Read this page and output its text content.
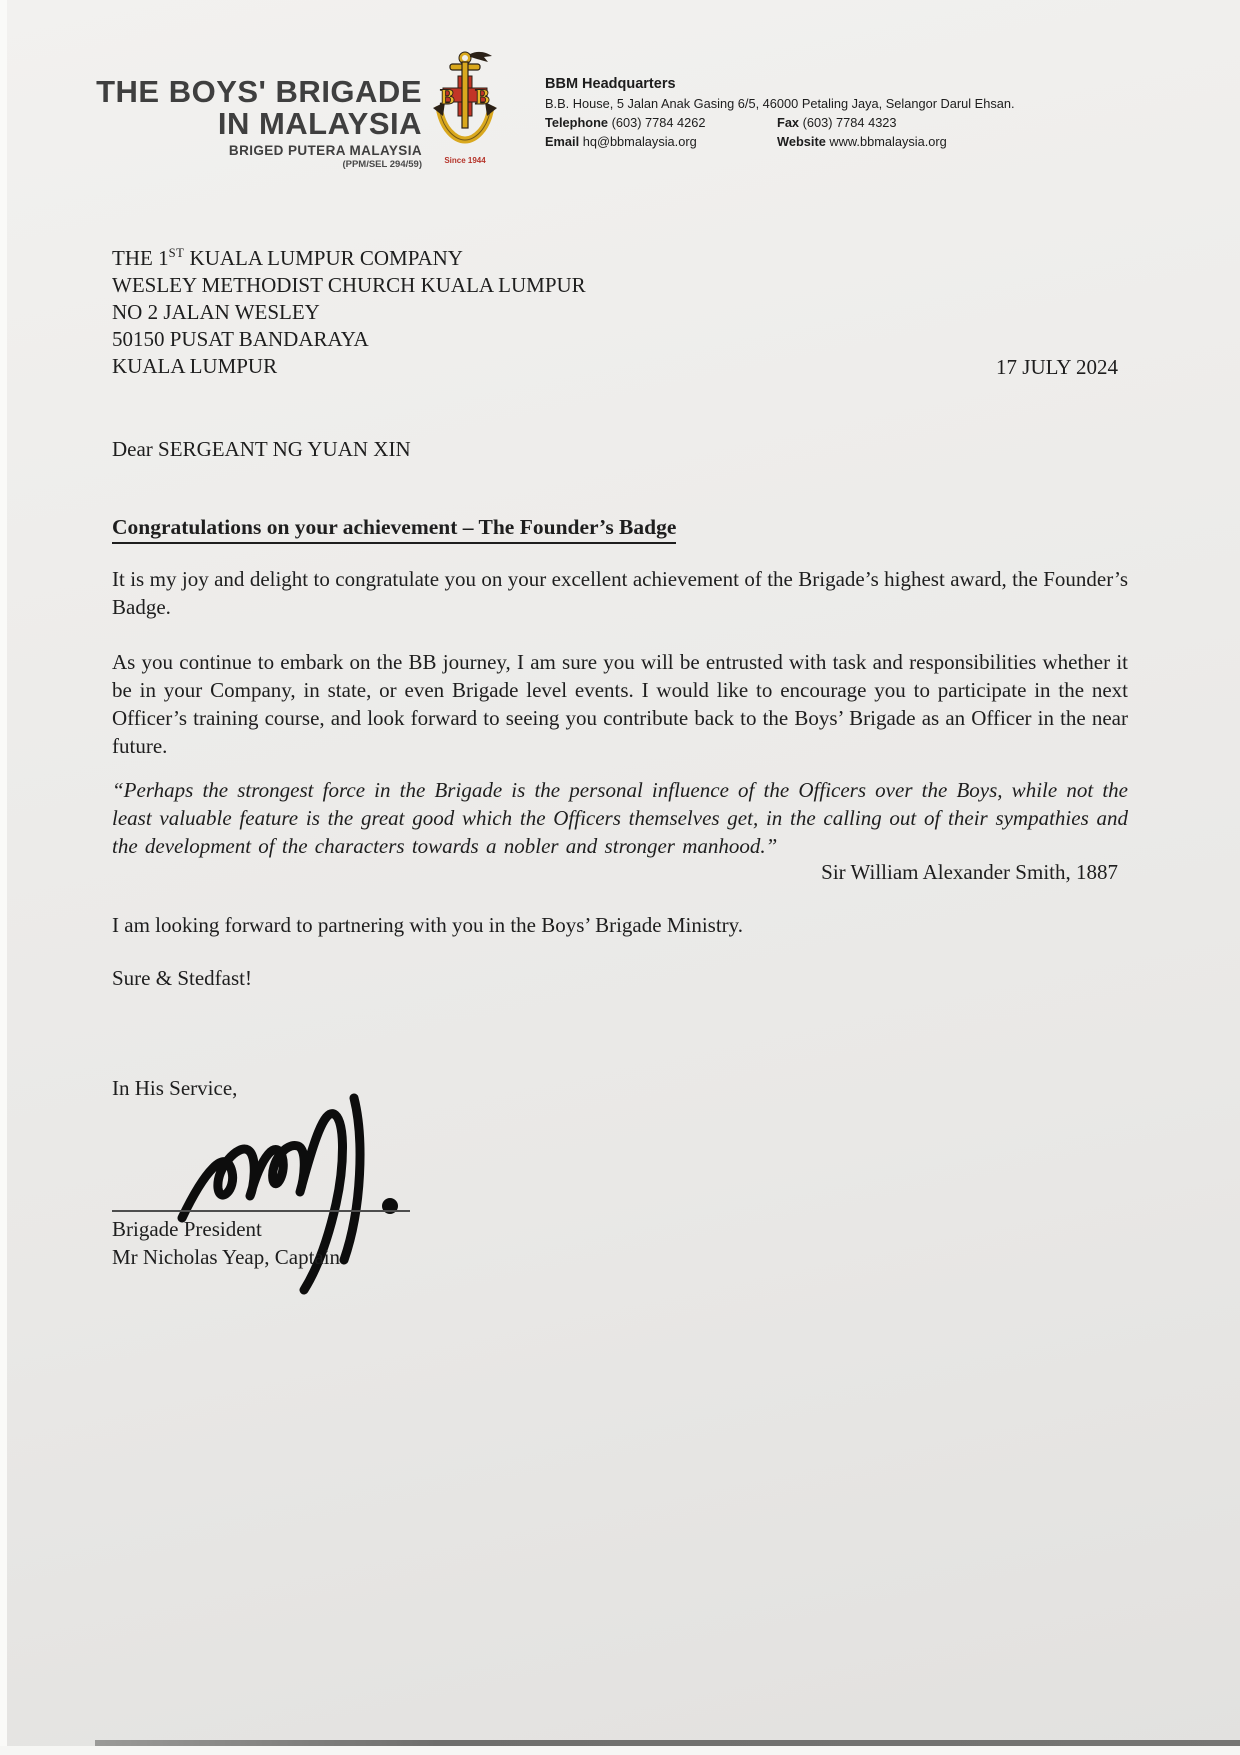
THE BOYS' BRIGADE
IN MALAYSIA
BRIGED PUTERA MALAYSIA
(PPM/SEL 294/59)
B B
Since 1944
BBM Headquarters
B.B. House, 5 Jalan Anak Gasing 6/5, 46000 Petaling Jaya, Selangor Darul Ehsan.
Telephone (603) 7784 4262	Fax (603) 7784 4323
Email hq@bbmalaysia.org	Website www.bbmalaysia.org
THE 1ST KUALA LUMPUR COMPANY
WESLEY METHODIST CHURCH KUALA LUMPUR
NO 2 JALAN WESLEY
50150 PUSAT BANDARAYA
KUALA LUMPUR	17 JULY 2024
Dear SERGEANT NG YUAN XIN
Congratulations on your achievement – The Founder’s Badge
It is my joy and delight to congratulate you on your excellent achievement of the Brigade’s highest award, the Founder’s Badge.
As you continue to embark on the BB journey, I am sure you will be entrusted with task and responsibilities whether it be in your Company, in state, or even Brigade level events. I would like to encourage you to participate in the next Officer’s training course, and look forward to seeing you contribute back to the Boys’ Brigade as an Officer in the near future.
“Perhaps the strongest force in the Brigade is the personal influence of the Officers over the Boys, while not the least valuable feature is the great good which the Officers themselves get, in the calling out of their sympathies and the development of the characters towards a nobler and stronger manhood.”
Sir William Alexander Smith, 1887
I am looking forward to partnering with you in the Boys’ Brigade Ministry.
Sure & Stedfast!
In His Service,
Brigade President
Mr Nicholas Yeap, Captain
